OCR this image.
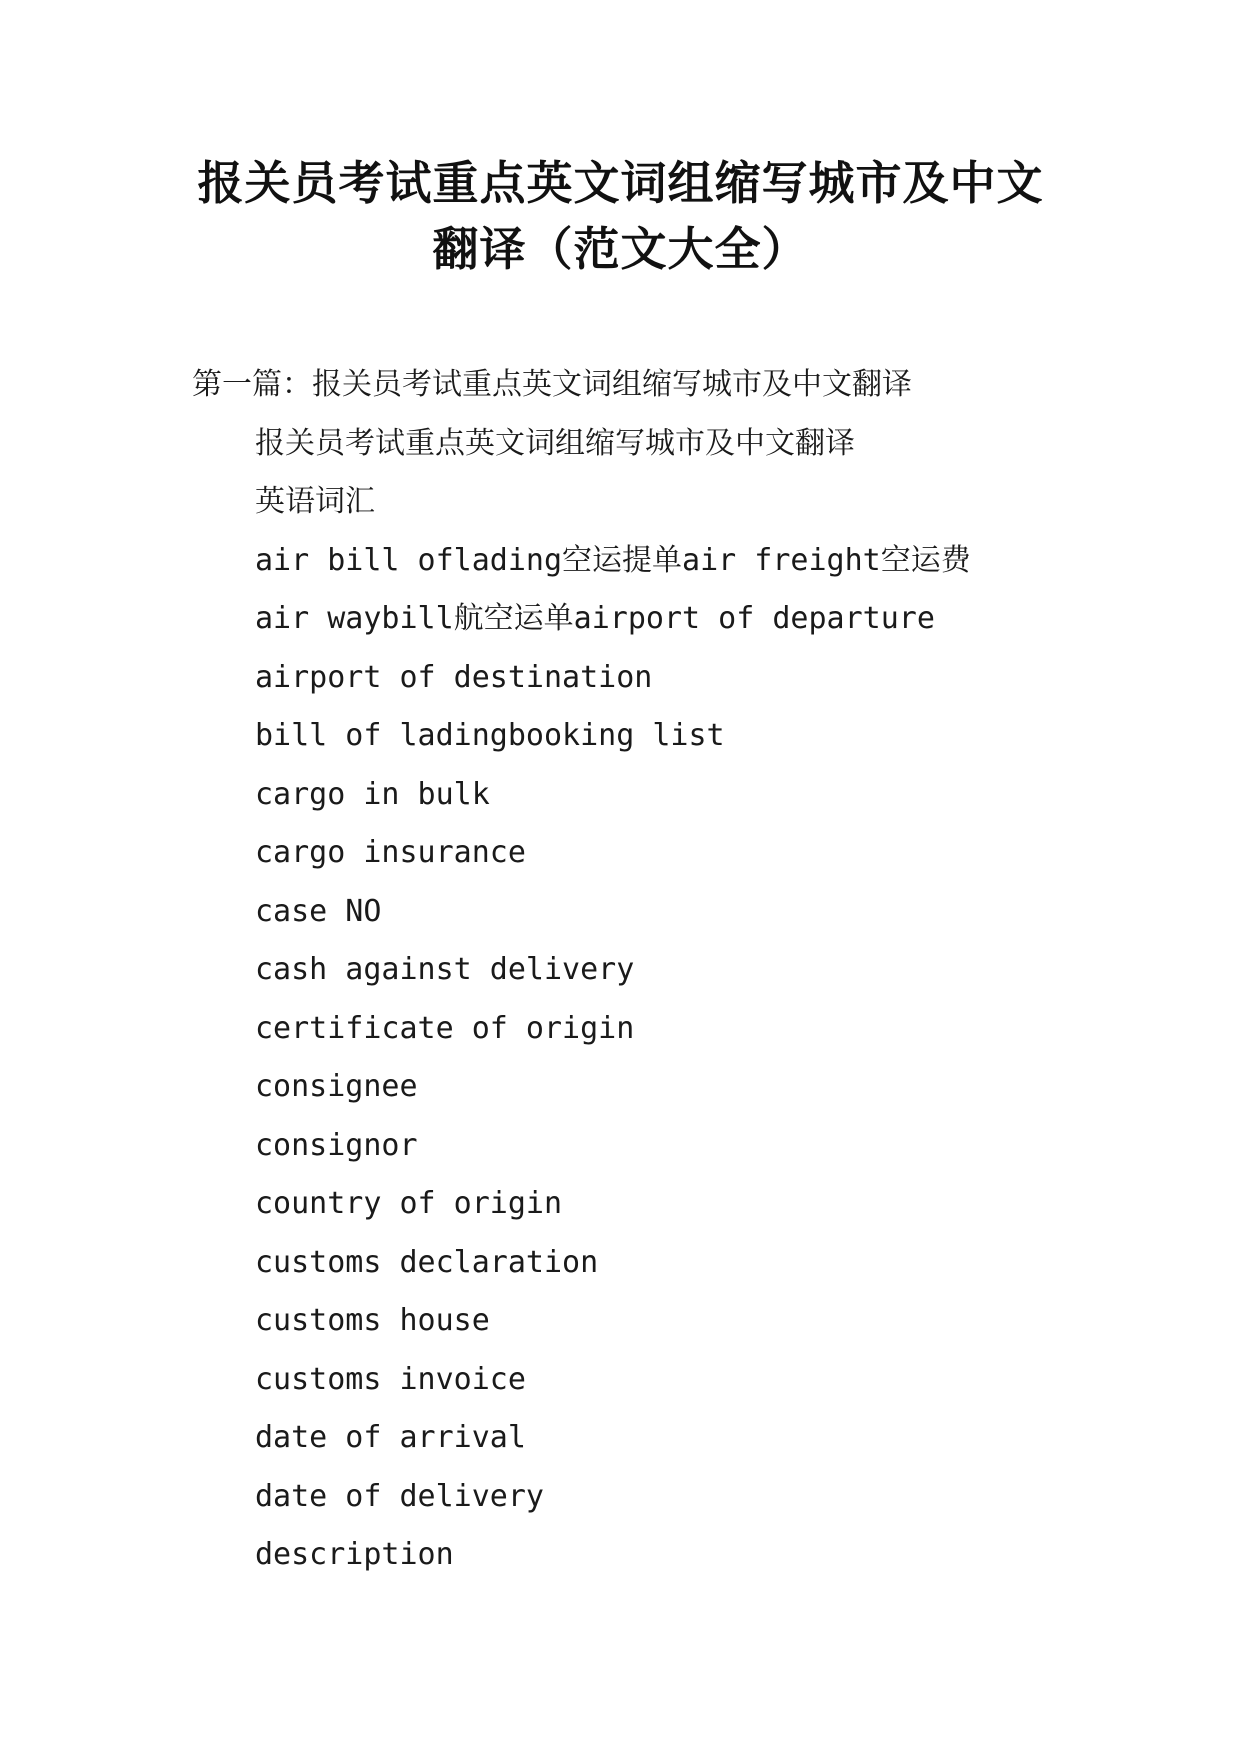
报关员考试重点英文词组缩写城市及中文
翻译（范文大全）
第一篇：报关员考试重点英文词组缩写城市及中文翻译
报关员考试重点英文词组缩写城市及中文翻译
英语词汇
air bill oflading空运提单air freight空运费
air waybill航空运单airport of departure
airport of destination
bill of ladingbooking list
cargo in bulk
cargo insurance
case NO
cash against delivery
certificate of origin
consignee
consignor
country of origin
customs declaration
customs house
customs invoice
date of arrival
date of delivery
description
